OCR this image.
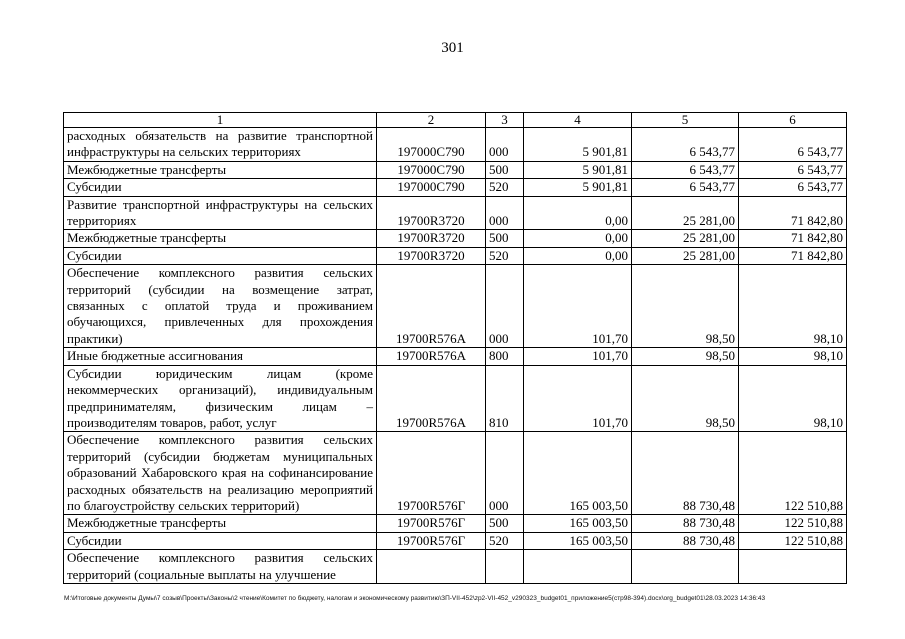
301
1	2	3	4	5	6
расходных обязательств на развитие транспортной инфраструктуры на сельских территориях	197000С790	000	5 901,81	6 543,77	6 543,77
Межбюджетные трансферты	197000С790	500	5 901,81	6 543,77	6 543,77
Субсидии	197000С790	520	5 901,81	6 543,77	6 543,77
Развитие транспортной инфраструктуры на сельских территориях	19700R3720	000	0,00	25 281,00	71 842,80
Межбюджетные трансферты	19700R3720	500	0,00	25 281,00	71 842,80
Субсидии	19700R3720	520	0,00	25 281,00	71 842,80
Обеспечение комплексного развития сельских территорий (субсидии на возмещение затрат, связанных с оплатой труда и проживанием обучающихся, привлеченных для прохождения практики)	19700R576A	000	101,70	98,50	98,10
Иные бюджетные ассигнования	19700R576A	800	101,70	98,50	98,10
Субсидии юридическим лицам (кроме некоммерческих организаций), индивидуальным предпринимателям, физическим лицам – производителям товаров, работ, услуг	19700R576A	810	101,70	98,50	98,10
Обеспечение комплексного развития сельских территорий (субсидии бюджетам муниципальных образований Хабаровского края на софинансирование расходных обязательств на реализацию мероприятий по благоустройству сельских территорий)	19700R576Г	000	165 003,50	88 730,48	122 510,88
Межбюджетные трансферты	19700R576Г	500	165 003,50	88 730,48	122 510,88
Субсидии	19700R576Г	520	165 003,50	88 730,48	122 510,88
Обеспечение комплексного развития сельских территорий (социальные выплаты на улучшение					
M:\Итоговые документы Думы\7 созыв\Проекты\Законы\2 чтение\Комитет по бюджету, налогам и экономическому развитию\ЗП-VII-452\zp2-VII-452_v290323_budget01_приложение5(стр98-394).docx\org_budget01\28.03.2023 14:36:43
